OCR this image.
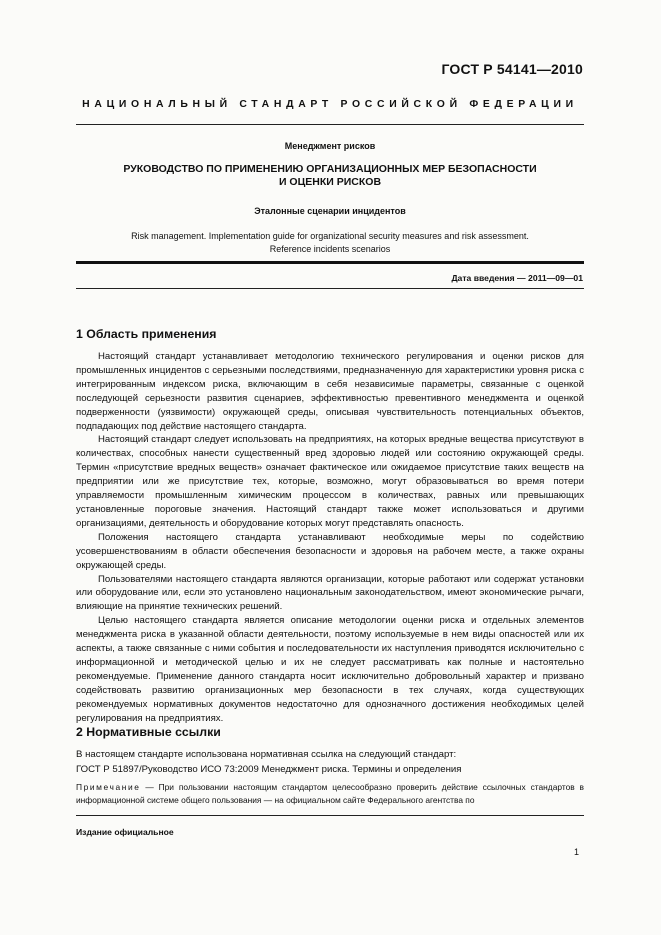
ГОСТ Р 54141—2010
НАЦИОНАЛЬНЫЙ СТАНДАРТ РОССИЙСКОЙ ФЕДЕРАЦИИ
Менеджмент рисков
РУКОВОДСТВО ПО ПРИМЕНЕНИЮ ОРГАНИЗАЦИОННЫХ МЕР БЕЗОПАСНОСТИ
И ОЦЕНКИ РИСКОВ
Эталонные сценарии инцидентов
Risk management. Implementation guide for organizational security measures and risk assessment.
Reference incidents scenarios
Дата введения — 2011—09—01
1 Область применения

Настоящий стандарт устанавливает методологию технического регулирования и оценки рисков для промышленных инцидентов с серьезными последствиями, предназначенную для характеристики уровня риска с интегрированным индексом риска, включающим в себя независимые параметры, связанные с оценкой последующей серьезности развития сценариев, эффективностью превентивного менеджмента и оценкой подверженности (уязвимости) окружающей среды, описывая чувствительность потенциальных объектов, подпадающих под действие настоящего стандарта.

Настоящий стандарт следует использовать на предприятиях, на которых вредные вещества присутствуют в количествах, способных нанести существенный вред здоровью людей или состоянию окружающей среды. Термин «присутствие вредных веществ» означает фактическое или ожидаемое присутствие таких веществ на предприятии или же присутствие тех, которые, возможно, могут образовываться во время потери управляемости промышленным химическим процессом в количествах, равных или превышающих установленные пороговые значения. Настоящий стандарт также может использоваться и другими организациями, деятельность и оборудование которых могут представлять опасность.

Положения настоящего стандарта устанавливают необходимые меры по содействию усовершенствованиям в области обеспечения безопасности и здоровья на рабочем месте, а также охраны окружающей среды.

Пользователями настоящего стандарта являются организации, которые работают или содержат установки или оборудование или, если это установлено национальным законодательством, имеют экономические рычаги, влияющие на принятие технических решений.

Целью настоящего стандарта является описание методологии оценки риска и отдельных элементов менеджмента риска в указанной области деятельности, поэтому используемые в нем виды опасностей или их аспекты, а также связанные с ними события и последовательности их наступления приводятся исключительно с информационной и методической целью и их не следует рассматривать как полные и настоятельно рекомендуемые. Применение данного стандарта носит исключительно добровольный характер и призвано содействовать развитию организационных мер безопасности в тех случаях, когда существующих рекомендуемых нормативных документов недостаточно для однозначного достижения необходимых целей регулирования на предприятиях.

2 Нормативные ссылки
В настоящем стандарте использована нормативная ссылка на следующий стандарт:
ГОСТ Р 51897/Руководство ИСО 73:2009 Менеджмент риска. Термины и определения
Примечание — При пользовании настоящим стандартом целесообразно проверить действие ссылочных стандартов в информационной системе общего пользования — на официальном сайте Федерального агентства по
Издание официальное
1
